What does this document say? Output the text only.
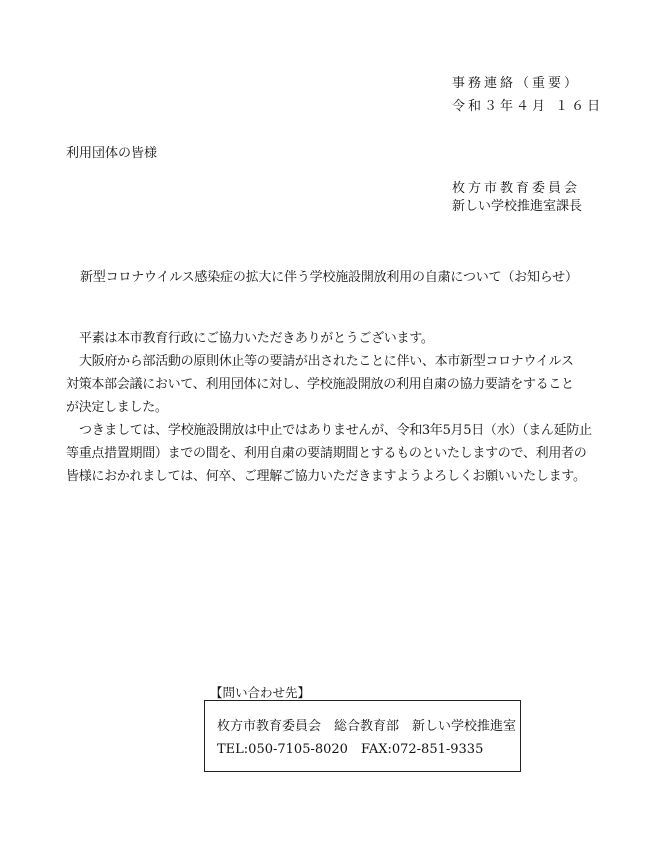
事務連絡（重要）
令和３年４月 １６日
利用団体の皆様
枚方市教育委員会
新しい学校推進室課長
新型コロナウイルス感染症の拡大に伴う学校施設開放利用の自粛について（お知らせ）
平素は本市教育行政にご協力いただきありがとうございます。
大阪府から部活動の原則休止等の要請が出されたことに伴い、本市新型コロナウイルス
対策本部会議において、利用団体に対し、学校施設開放の利用自粛の協力要請をすること
が決定しました。
つきましては、学校施設開放は中止ではありませんが、令和3年5月5日（水）（まん延防止
等重点措置期間）までの間を、利用自粛の要請期間とするものといたしますので、利用者の
皆様におかれましては、何卒、ご理解ご協力いただきますようよろしくお願いいたします。
【問い合わせ先】
枚方市教育委員会　総合教育部　新しい学校推進室
TEL:050-7105-8020　FAX:072-851-9335
